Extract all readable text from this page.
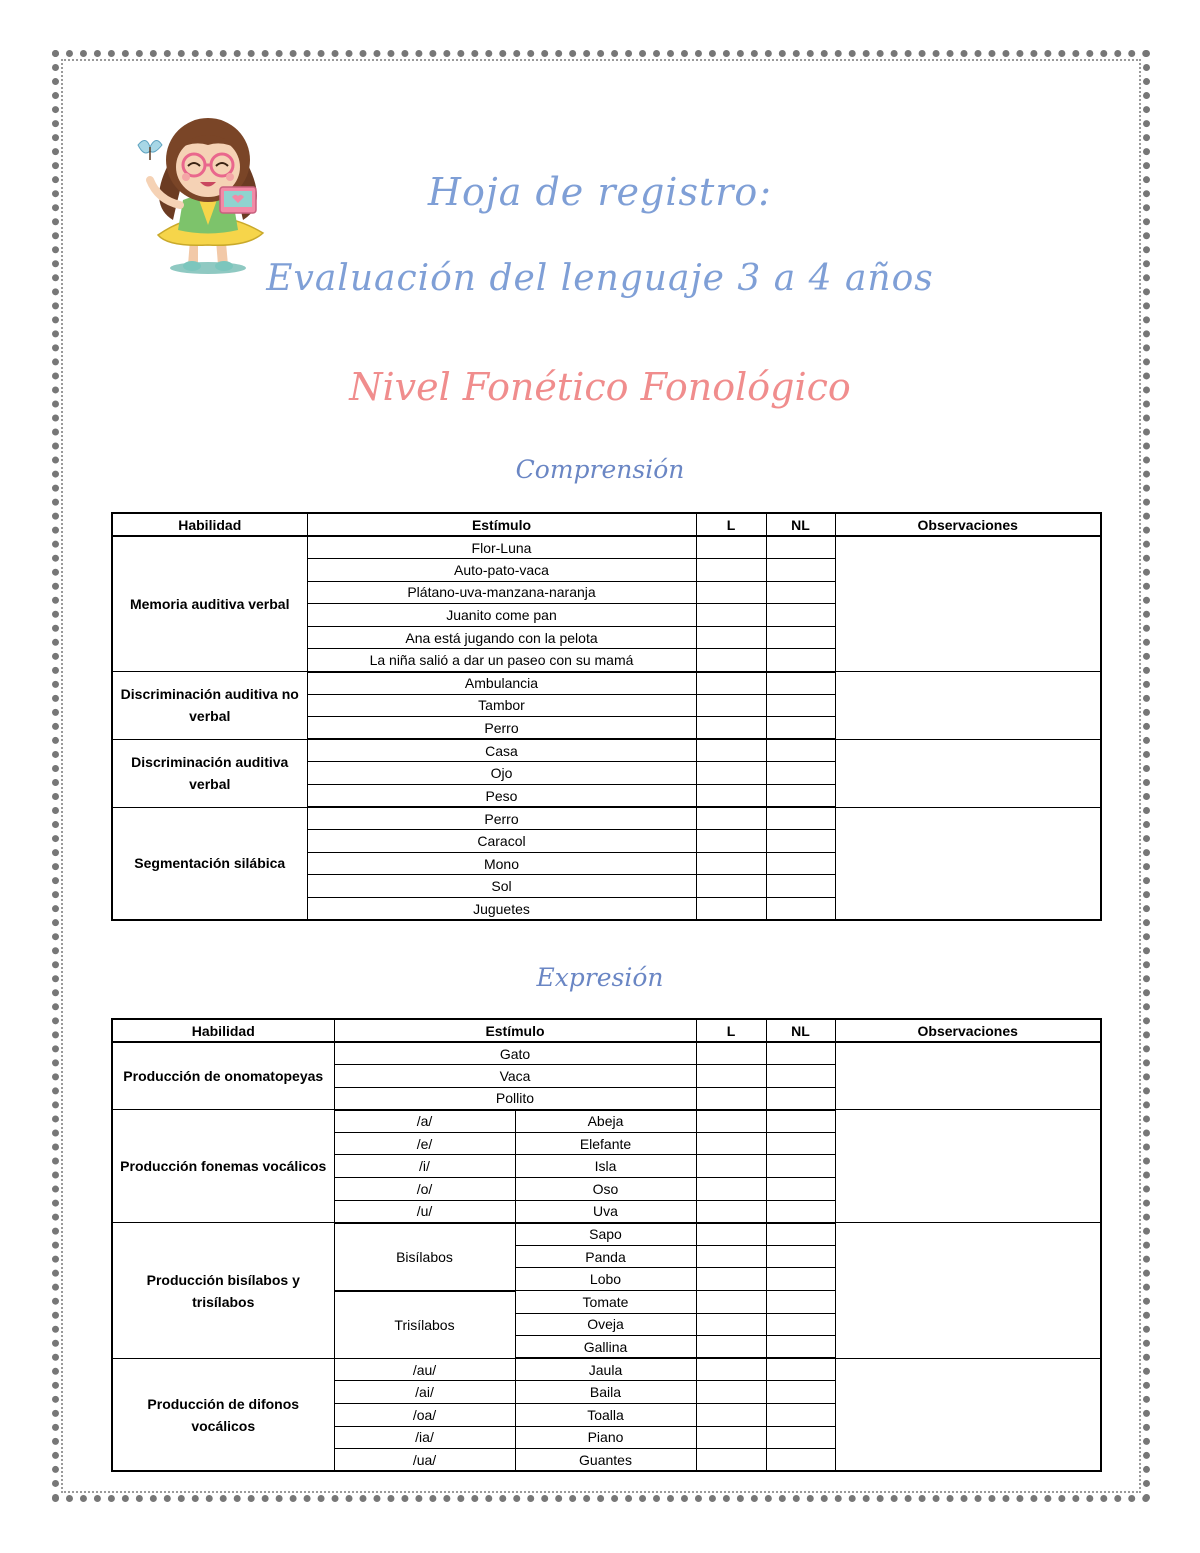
Hoja de registro:
Evaluación del lenguaje 3 a 4 años
Nivel Fonético Fonológico
Comprensión
Habilidad	Estímulo	L	NL	Observaciones
Memoria auditiva verbal	Flor-Luna			
	Auto-pato-vaca			
	Plátano-uva-manzana-naranja			
	Juanito come pan			
	Ana está jugando con la pelota			
	La niña salió a dar un paseo con su mamá			
Discriminación auditiva no verbal	Ambulancia			
	Tambor			
	Perro			
Discriminación auditiva verbal	Casa			
	Ojo			
	Peso			
Segmentación silábica	Perro			
	Caracol			
	Mono			
	Sol			
	Juguetes			
Expresión
Habilidad	Estímulo		L	NL	Observaciones
Producción de onomatopeyas	Gato				
	Vaca				
	Pollito				
Producción fonemas vocálicos	/a/	Abeja			
	/e/	Elefante			
	/i/	Isla			
	/o/	Oso			
	/u/	Uva			
Producción bisílabos y trisílabos	Bisílabos	Sapo			
		Panda			
		Lobo			
	Trisílabos	Tomate			
		Oveja			
		Gallina			
Producción de difonos vocálicos	/au/	Jaula			
	/ai/	Baila			
	/oa/	Toalla			
	/ia/	Piano			
	/ua/	Guantes			
